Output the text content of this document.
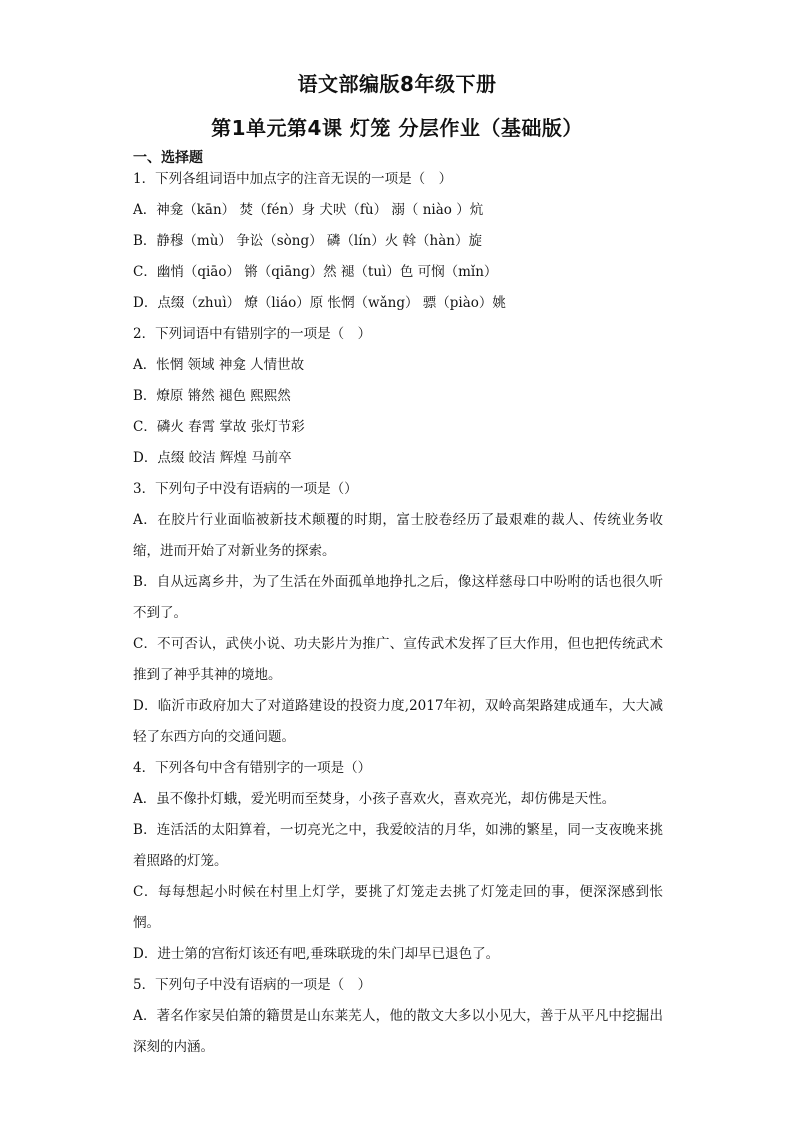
语文部编版8年级下册
第1单元第4课 灯笼 分层作业（基础版）
一、选择题
1．下列各组词语中加点字的注音无误的一项是（　）
A．神龛（kān） 焚（fén）身 犬吠（fù） 溺（ niào ）炕
B．静穆（mù） 争讼（sòng） 磷（lín）火 斡（hàn）旋
C．幽悄（qiāo） 锵（qiāng）然 褪（tuì）色 可悯（mǐn）
D．点缀（zhuì） 燎（liáo）原 怅惘（wǎng） 骠（piào）姚
2．下列词语中有错别字的一项是（　）
A．怅惘 领域 神龛 人情世故
B．燎原 锵然 褪色 熙熙然
C．磷火 春霄 掌故 张灯节彩
D．点缀 皎洁 辉煌 马前卒
3．下列句子中没有语病的一项是（）
A．在胶片行业面临被新技术颠覆的时期，富士胶卷经历了最艰难的裁人、传统业务收缩，进而开始了对新业务的探索。
B．自从远离乡井，为了生活在外面孤单地挣扎之后，像这样慈母口中吩咐的话也很久听不到了。
C．不可否认，武侠小说、功夫影片为推广、宣传武术发挥了巨大作用，但也把传统武术推到了神乎其神的境地。
D．临沂市政府加大了对道路建设的投资力度,2017年初，双岭高架路建成通车，大大减轻了东西方向的交通问题。
4．下列各句中含有错别字的一项是（）
A．虽不像扑灯蛾，爱光明而至焚身，小孩子喜欢火，喜欢亮光，却仿佛是天性。
B．连活活的太阳算着，一切亮光之中，我爱皎洁的月华，如沸的繁星，同一支夜晚来挑着照路的灯笼。
C．每每想起小时候在村里上灯学，要挑了灯笼走去挑了灯笼走回的事，便深深感到怅惘。
D．进士第的宫衔灯该还有吧,垂珠联珑的朱门却早已退色了。
5．下列句子中没有语病的一项是（　）
A．著名作家吴伯箫的籍贯是山东莱芜人，他的散文大多以小见大，善于从平凡中挖掘出深刻的内涵。
